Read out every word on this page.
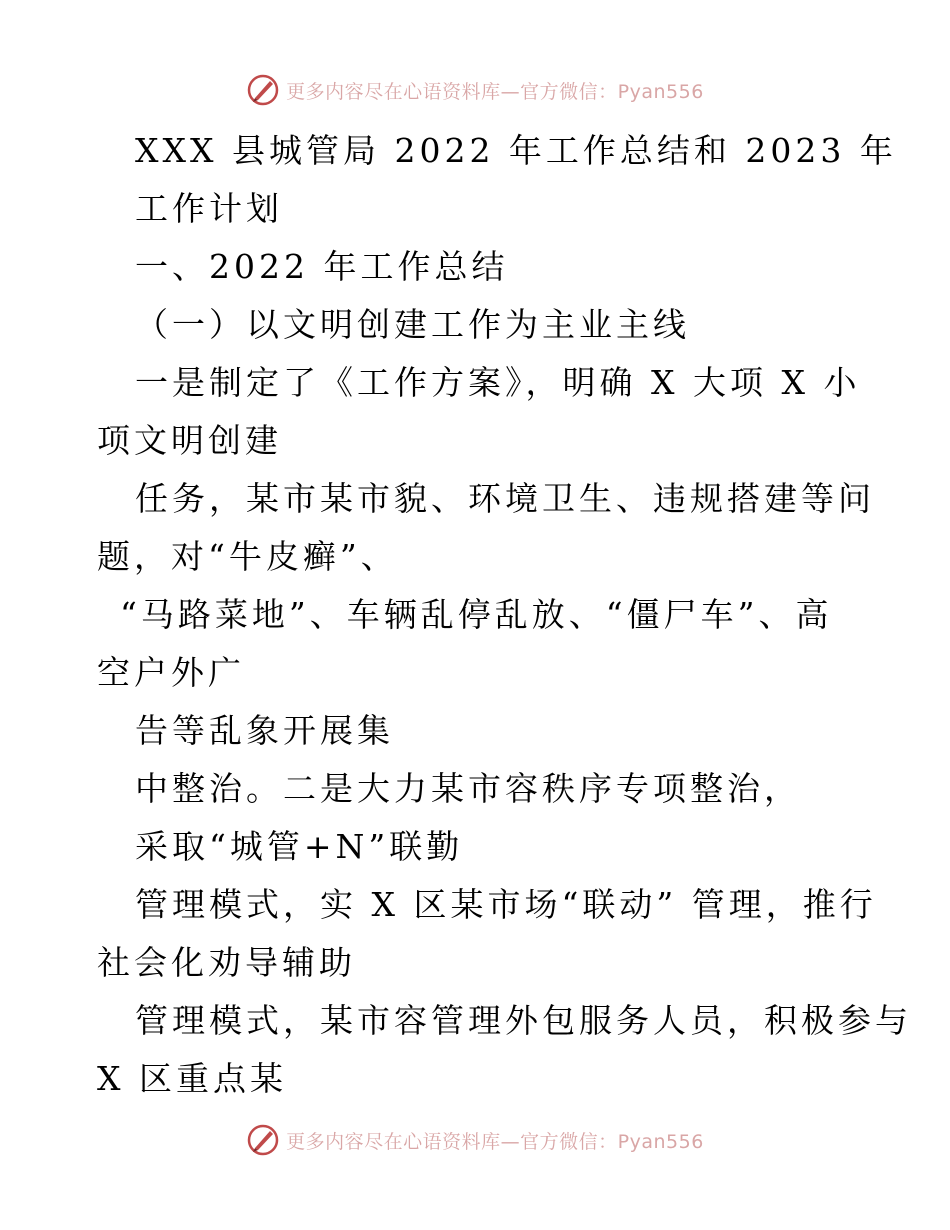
更多内容尽在心语资料库—官方微信：Pyan556
XXX 县城管局 2022 年工作总结和 2023 年
工作计划
一、2022 年工作总结
（一）以文明创建工作为主业主线
一是制定了《工作方案》，明确 X 大项 X 小
项文明创建
任务，某市某市貌、环境卫生、违规搭建等问
题，对“牛皮癣”、
“马路菜地”、车辆乱停乱放、“僵尸车”、高
空户外广
告等乱象开展集
中整治。二是大力某市容秩序专项整治，
采取“城管+N”联勤
管理模式，实 X 区某市场“联动” 管理，推行
社会化劝导辅助
管理模式，某市容管理外包服务人员，积极参与
X 区重点某
更多内容尽在心语资料库—官方微信：Pyan556
